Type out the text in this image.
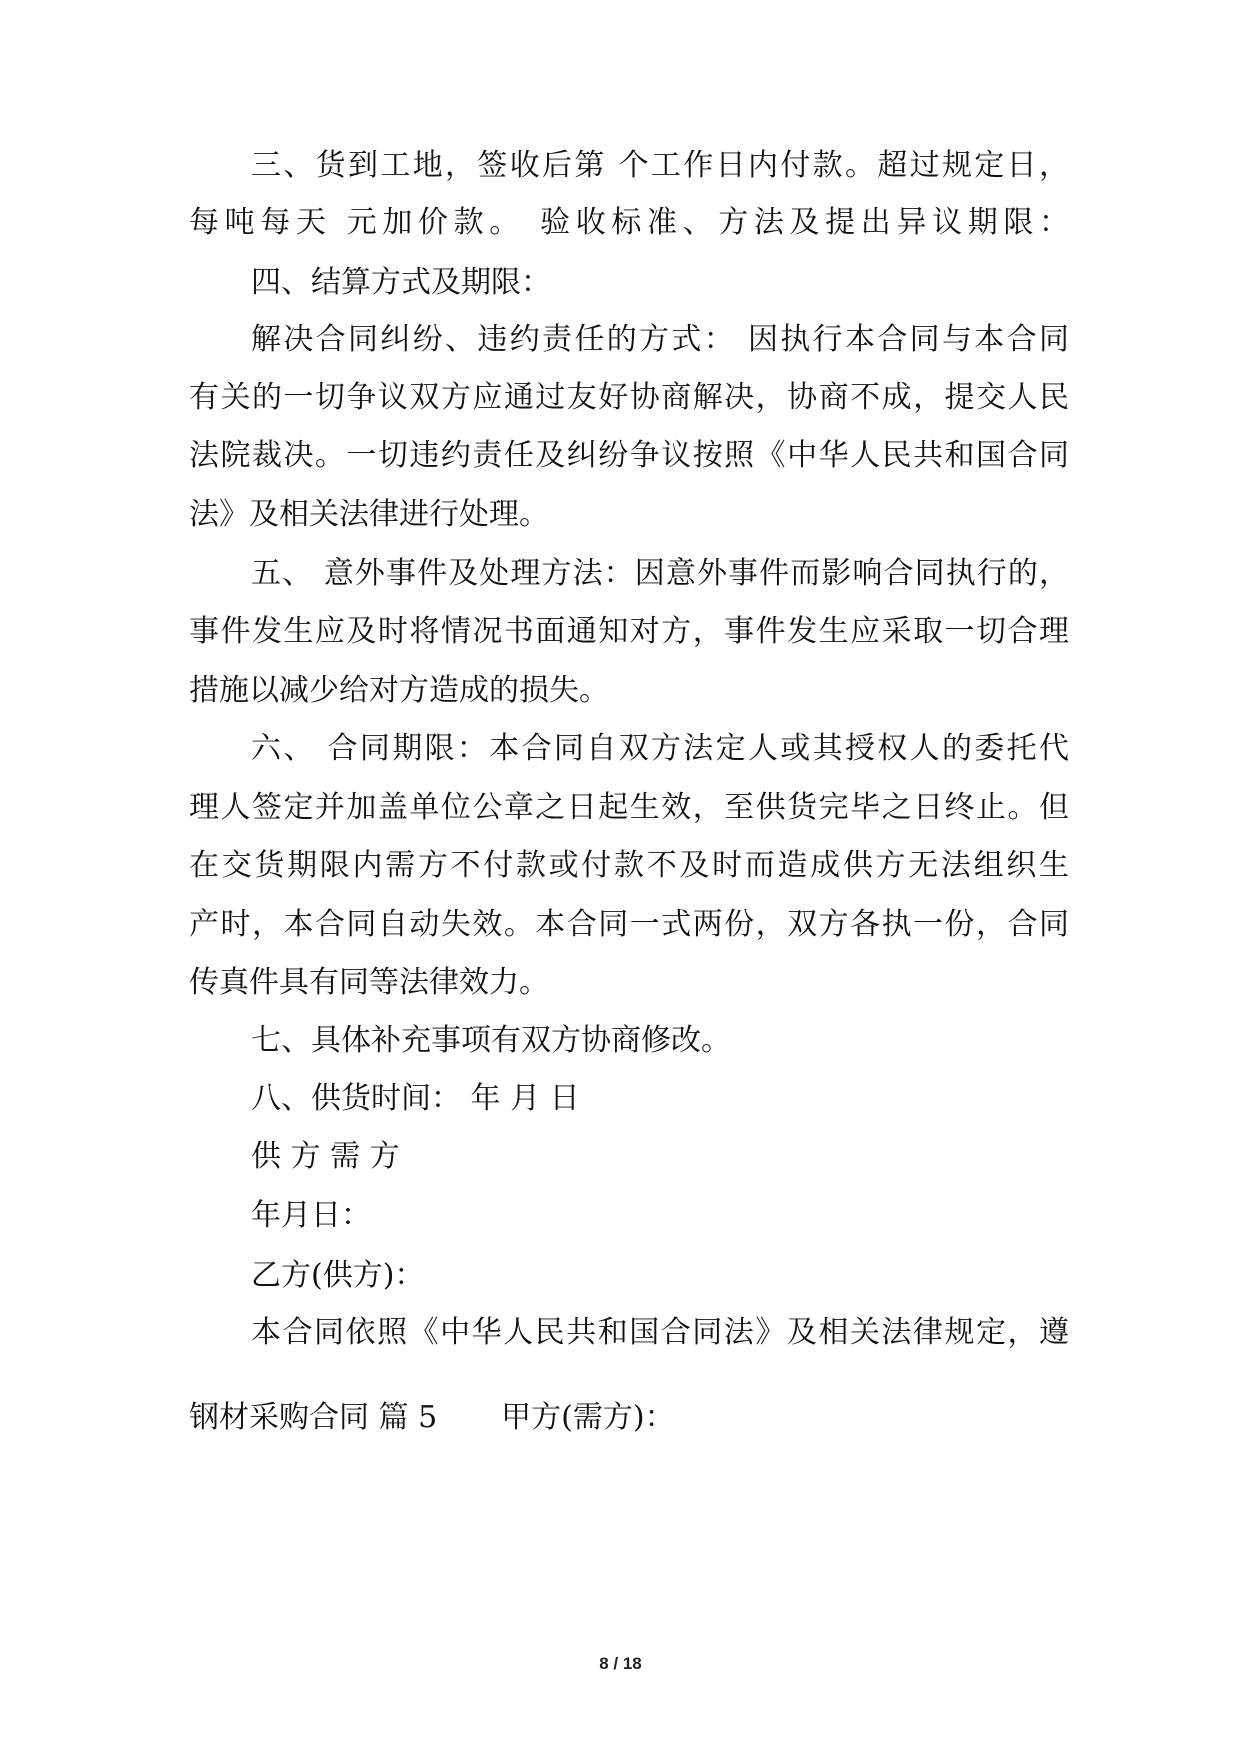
三、货到工地，签收后第 个工作日内付款。超过规定日，
每吨每天 元加价款。 验收标准、方法及提出异议期限：
四、结算方式及期限：
解决合同纠纷、违约责任的方式： 因执行本合同与本合同
有关的一切争议双方应通过友好协商解决，协商不成，提交人民
法院裁决。一切违约责任及纠纷争议按照《中华人民共和国合同
法》及相关法律进行处理。
五、 意外事件及处理方法：因意外事件而影响合同执行的，
事件发生应及时将情况书面通知对方，事件发生应采取一切合理
措施以减少给对方造成的损失。
六、 合同期限：本合同自双方法定人或其授权人的委托代
理人签定并加盖单位公章之日起生效，至供货完毕之日终止。但
在交货期限内需方不付款或付款不及时而造成供方无法组织生
产时，本合同自动失效。本合同一式两份，双方各执一份，合同
传真件具有同等法律效力。
七、具体补充事项有双方协商修改。
八、供货时间： 年 月 日
供 方 需 方
年月日：
钢材采购合同 篇 5 甲方(需方)：
乙方(供方)：
本合同依照《中华人民共和国合同法》及相关法律规定，遵
8 / 18
